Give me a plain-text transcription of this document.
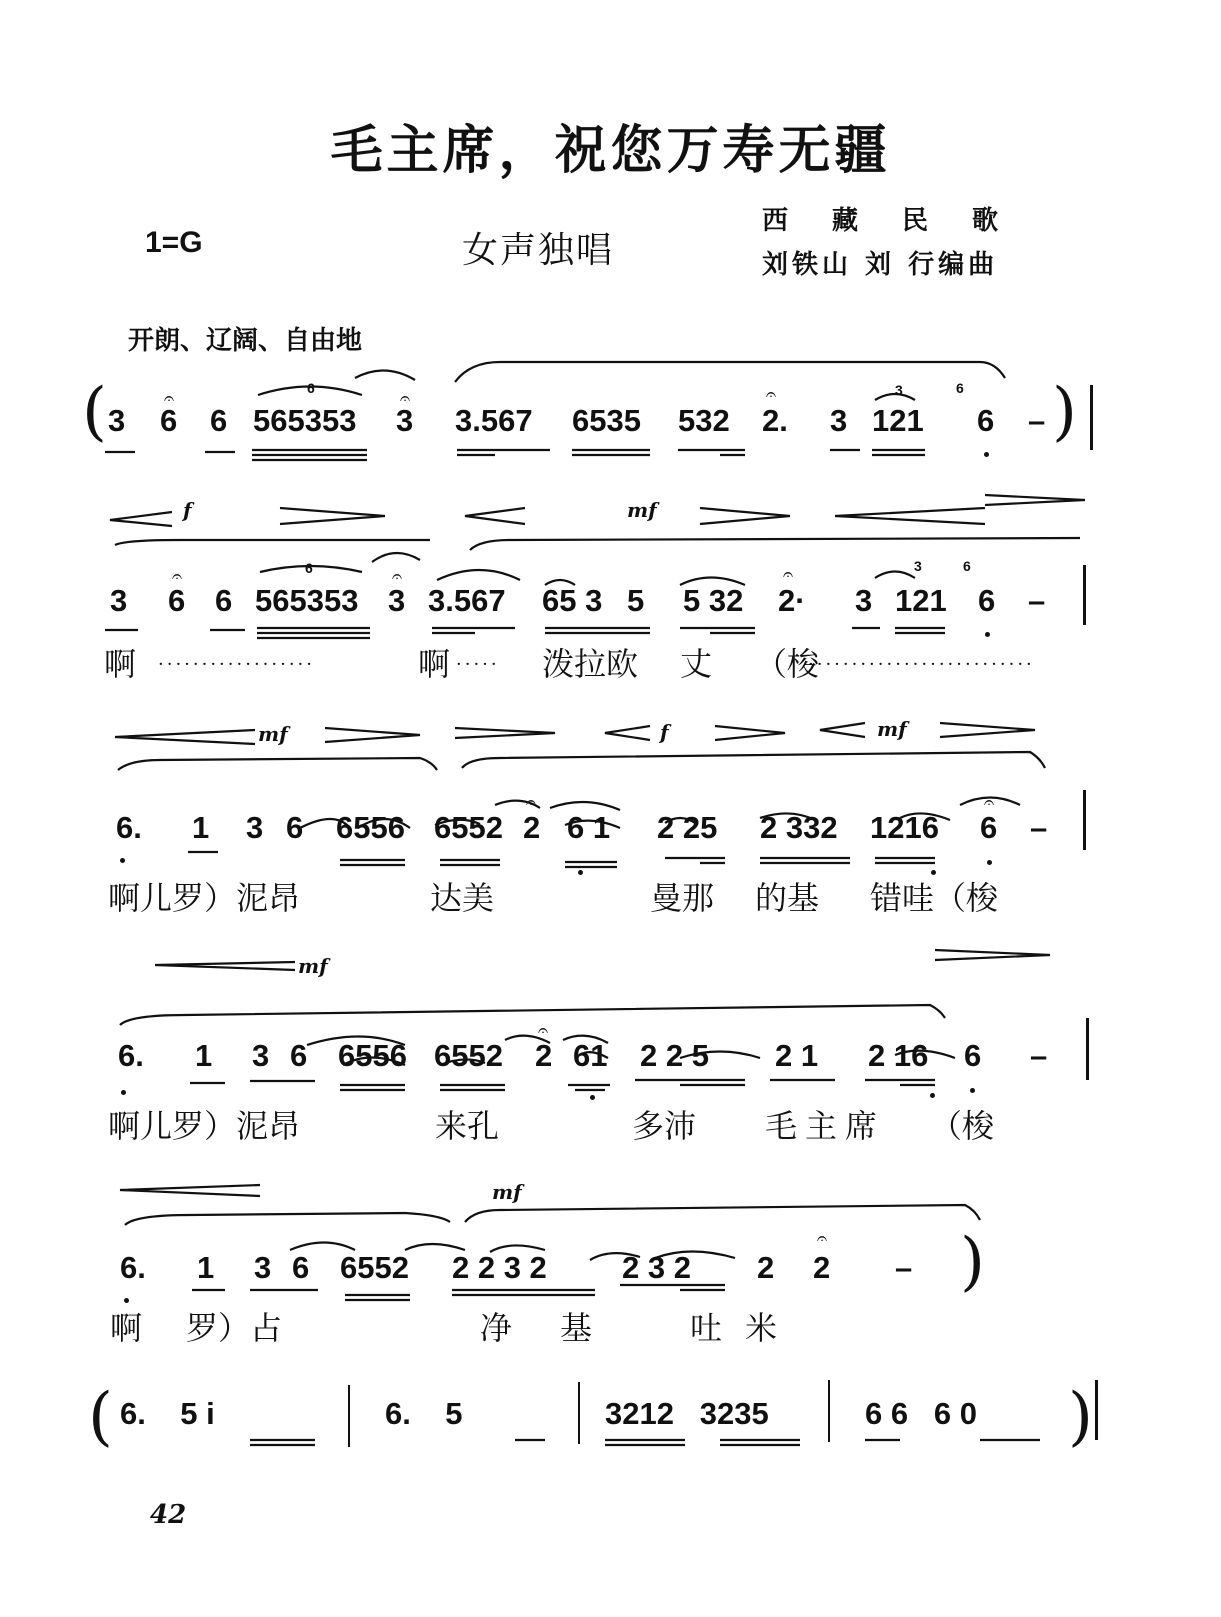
毛主席，祝您万寿无疆
1=G	女声独唱
西藏民歌
刘铁山 刘 行编曲
开朗、辽阔、自由地
( 3 6 6 565353 3 3.567 6535 532 2. 3 121 6 –
𝄐	𝄐	𝄐
6	3	6 )
f	mf
3 6 6 565353 3 3.567 65 3 5 5 32 2· 3 121 6 –
𝄐	𝄐	𝄐
6	3	6
啊 ··················	啊 ····· 泼拉欧 丈 （梭
··························
mf	f	mf
6. 1 3 6 6556 6552 2 6 1 2 25 2 332 1216 6 –
𝄐	𝄐
啊儿罗）泥昂	达美	曼那 的基 错哇（梭
mf
6. 1 3 6 6556 6552 2 61 2 2 5 2 1 2 16 6 –
𝄐
啊儿罗）泥昂	来孔	多沛 毛主席 （梭
mf
6. 1 3 6 6552 2 2 3 2 2 3 2 2 2 –
𝄐 )
啊 罗）占	净 基	吐 米
( 6.    5 i	6.    5	3212   3235	6 6   6 0 )
42
